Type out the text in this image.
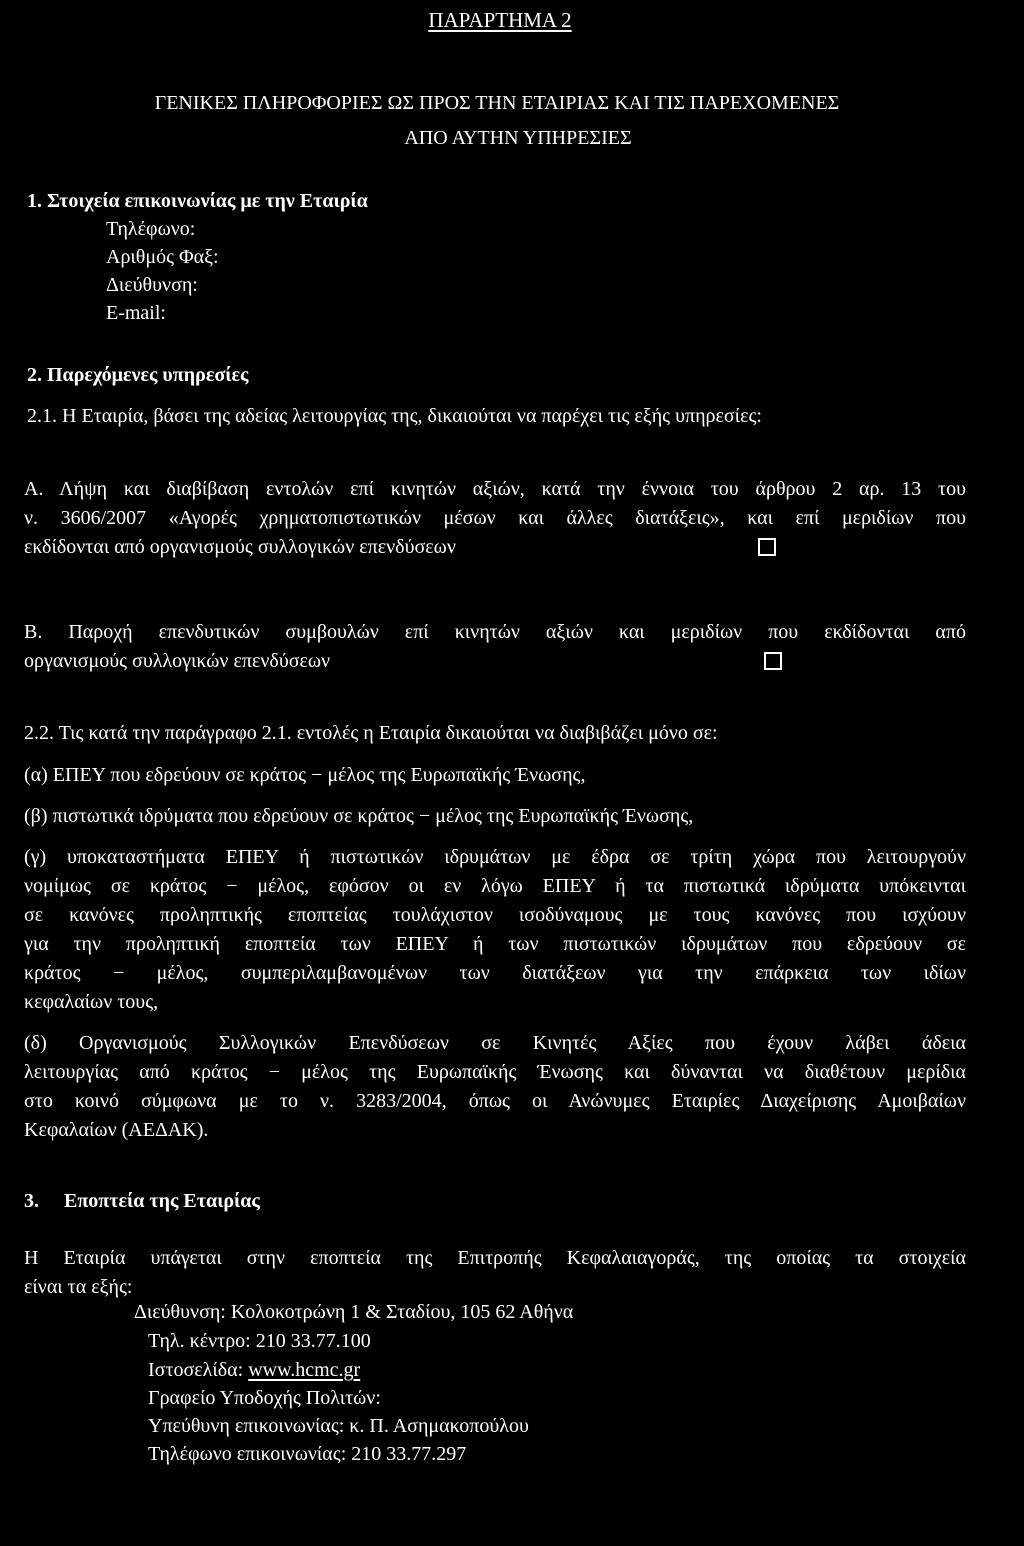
ΠΑΡΑΡΤΗΜΑ 2
ΓΕΝΙΚΕΣ ΠΛΗΡΟΦΟΡΙΕΣ ΩΣ ΠΡΟΣ ΤΗΝ ΕΤΑΙΡΙΑΣ ΚΑΙ ΤΙΣ ΠΑΡΕΧΟΜΕΝΕΣ
ΑΠΟ ΑΥΤΗΝ ΥΠΗΡΕΣΙΕΣ
1. Στοιχεία επικοινωνίας με την Εταιρία
Τηλέφωνο:
Αριθμός Φαξ:
Διεύθυνση:
E-mail:
2. Παρεχόμενες υπηρεσίες
2.1. Η Εταιρία, βάσει της αδείας λειτουργίας της, δικαιούται να παρέχει τις εξής υπηρεσίες:
Α. Λήψη και διαβίβαση εντολών επί κινητών αξιών, κατά την έννοια του άρθρου 2 αρ. 13 του
ν. 3606/2007 «Αγορές χρηματοπιστωτικών μέσων και άλλες διατάξεις», και επί μεριδίων που
εκδίδονται από οργανισμούς συλλογικών επενδύσεων
Β. Παροχή επενδυτικών συμβουλών επί κινητών αξιών και μεριδίων που εκδίδονται από
οργανισμούς συλλογικών επενδύσεων
2.2. Τις κατά την παράγραφο 2.1. εντολές η Εταιρία δικαιούται να διαβιβάζει μόνο σε:
(α) ΕΠΕΥ που εδρεύουν σε κράτος − μέλος της Ευρωπαϊκής Ένωσης,
(β) πιστωτικά ιδρύματα που εδρεύουν σε κράτος − μέλος της Ευρωπαϊκής Ένωσης,
(γ) υποκαταστήματα ΕΠΕΥ ή πιστωτικών ιδρυμάτων με έδρα σε τρίτη χώρα που λειτουργούν
νομίμως σε κράτος − μέλος, εφόσον οι εν λόγω ΕΠΕΥ ή τα πιστωτικά ιδρύματα υπόκεινται
σε κανόνες προληπτικής εποπτείας τουλάχιστον ισοδύναμους με τους κανόνες που ισχύουν
για την προληπτική εποπτεία των ΕΠΕΥ ή των πιστωτικών ιδρυμάτων που εδρεύουν σε
κράτος − μέλος, συμπεριλαμβανομένων των διατάξεων για την επάρκεια των ιδίων
κεφαλαίων τους,
(δ) Οργανισμούς Συλλογικών Επενδύσεων σε Κινητές Αξίες που έχουν λάβει άδεια
λειτουργίας από κράτος − μέλος της Ευρωπαϊκής Ένωσης και δύνανται να διαθέτουν μερίδια
στο κοινό σύμφωνα με το ν. 3283/2004, όπως οι Ανώνυμες Εταιρίες Διαχείρισης Αμοιβαίων
Κεφαλαίων (ΑΕΔΑΚ).
3. Εποπτεία της Εταιρίας
Η Εταιρία υπάγεται στην εποπτεία της Επιτροπής Κεφαλαιαγοράς, της οποίας τα στοιχεία
είναι τα εξής:
Διεύθυνση: Κολοκοτρώνη 1 & Σταδίου, 105 62 Αθήνα
Τηλ. κέντρο: 210 33.77.100
Ιστοσελίδα: www.hcmc.gr
Γραφείο Υποδοχής Πολιτών:
Υπεύθυνη επικοινωνίας: κ. Π. Ασημακοπούλου
Τηλέφωνο επικοινωνίας: 210 33.77.297
